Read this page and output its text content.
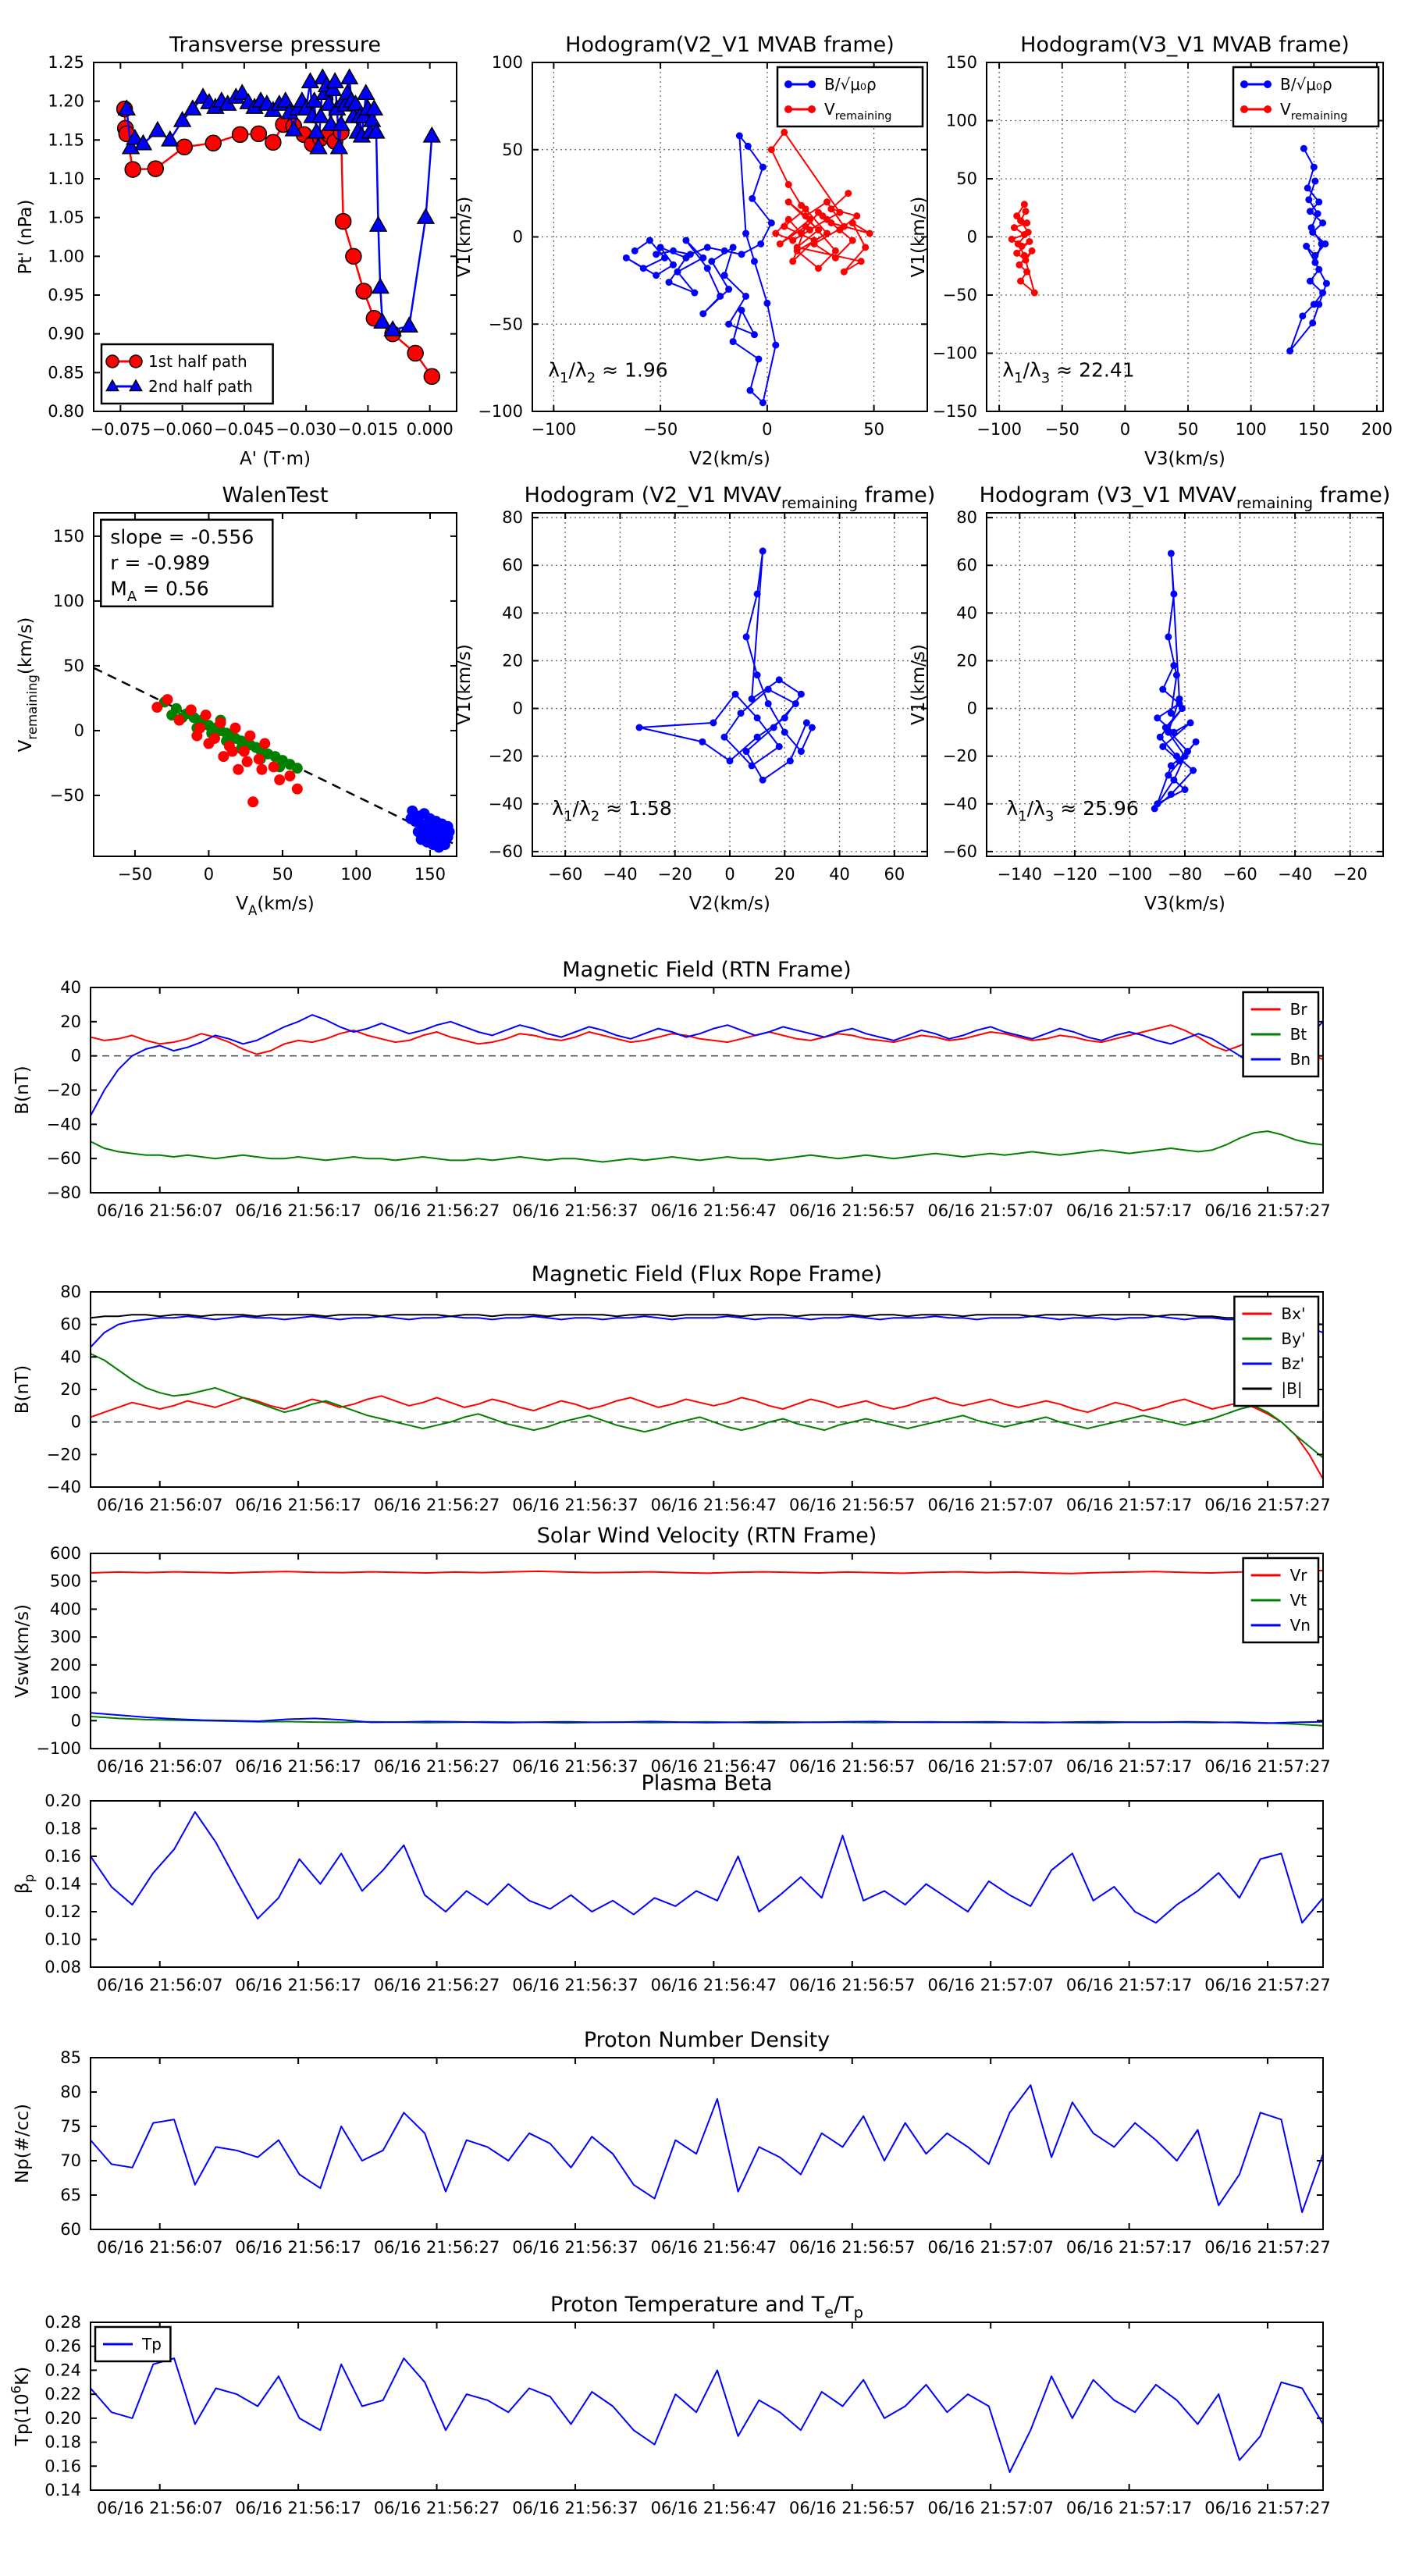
−0.075 −0.060 −0.045 −0.030 −0.015 0.000
0.80
0.85
0.90
0.95
1.00
1.05
1.10
1.15
1.20
1.25
Transverse pressure
A' (T·m)
Pt' (nPa)
1st half path
2nd half path
−100	−50	0	50
−100
−50
0
50
100
Hodogram(V2_V1 MVAB frame)
V2(km/s)
V1(km/s)
$\lambda_1/\lambda_2 \approx 1.96$
B/√μ₀ρ
$V_{remaining}$
−100 −50 0	50 100 150 200
−150
−100
−50
0
50
100
150
Hodogram(V3_V1 MVAB frame)
V3(km/s)
V1(km/s)
$\lambda_1/\lambda_3 \approx 22.41$
B/√μ₀ρ
$V_{remaining}$
−50	0	50	100	150
−50
0
50
100
150
WalenTest
$V_A(km/s)$
$V_{remaining}(km/s)$
slope = -0.556
r = -0.989
$M_A = 0.56$
−60 −40 −20 0 20 40 60
−60
−40
−20
0
20
40
60
80
Hodogram (V2_V1 $MVAV_{remaining}$ frame)
V2(km/s)
V1(km/s)
$\lambda_1/\lambda_2 \approx 1.58$
−140 −120 −100 −80 −60 −40 −20
−60
−40
−20
0
20
40
60
80
Hodogram (V3_V1 $MVAV_{remaining}$ frame)
V3(km/s)
V1(km/s)
$\lambda_1/\lambda_3 \approx 25.96$
06/16 21:56:07 06/16 21:56:17 06/16 21:56:27 06/16 21:56:37 06/16 21:56:47 06/16 21:56:57 06/16 21:57:07 06/16 21:57:17 06/16 21:57:27
−80
−60
−40
−20
0
20
40
Magnetic Field (RTN Frame)
B(nT)
Br
Bt
Bn
06/16 21:56:07 06/16 21:56:17 06/16 21:56:27 06/16 21:56:37 06/16 21:56:47 06/16 21:56:57 06/16 21:57:07 06/16 21:57:17 06/16 21:57:27
−40
−20
0
20
40
60
80
Magnetic Field (Flux Rope Frame)
B(nT)
Bx'
By'
Bz'
|B|
06/16 21:56:07 06/16 21:56:17 06/16 21:56:27 06/16 21:56:37 06/16 21:56:47 06/16 21:56:57 06/16 21:57:07 06/16 21:57:17 06/16 21:57:27
−100
0
100
200
300
400
500
600
Solar Wind Velocity (RTN Frame)
Vsw(km/s)
Vr
Vt
Vn
06/16 21:56:07 06/16 21:56:17 06/16 21:56:27 06/16 21:56:37 06/16 21:56:47 06/16 21:56:57 06/16 21:57:07 06/16 21:57:17 06/16 21:57:27
0.08
0.10
0.12
0.14
0.16
0.18
0.20
Plasma Beta
$\beta_p$
06/16 21:56:07 06/16 21:56:17 06/16 21:56:27 06/16 21:56:37 06/16 21:56:47 06/16 21:56:57 06/16 21:57:07 06/16 21:57:17 06/16 21:57:27
60
65
70
75
80
85
Proton Number Density
Np(#/cc)
06/16 21:56:07 06/16 21:56:17 06/16 21:56:27 06/16 21:56:37 06/16 21:56:47 06/16 21:56:57 06/16 21:57:07 06/16 21:57:17 06/16 21:57:27
0.14
0.16
0.18
0.20
0.22
0.24
0.26
0.28
Proton Temperature and $T_e/T_p$
$Tp(10^6K)$
Tp
